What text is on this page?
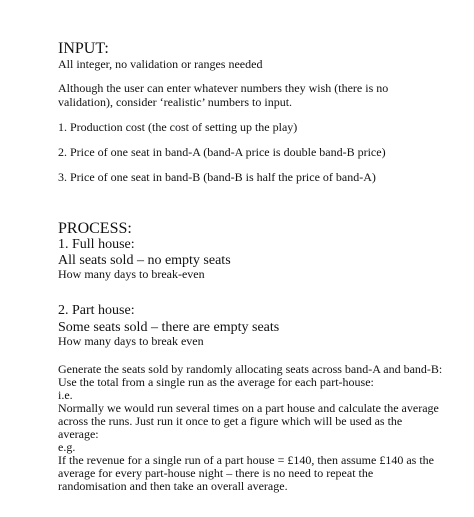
INPUT:

All integer, no validation or ranges needed

Although the user can enter whatever numbers they wish (there is no

validation), consider ‘realistic’ numbers to input.

1. Production cost (the cost of setting up the play)

2. Price of one seat in band-A (band-A price is double band-B price)

3. Price of one seat in band-B (band-B is half the price of band-A)

PROCESS:

1. Full house:

All seats sold – no empty seats

How many days to break-even

2. Part house:

Some seats sold – there are empty seats

How many days to break even

Generate the seats sold by randomly allocating seats across band-A and band-B:

Use the total from a single run as the average for each part-house:

i.e.

Normally we would run several times on a part house and calculate the average

across the runs. Just run it once to get a figure which will be used as the

average:

e.g.

If the revenue for a single run of a part house = £140, then assume £140 as the

average for every part-house night – there is no need to repeat the

randomisation and then take an overall average.
